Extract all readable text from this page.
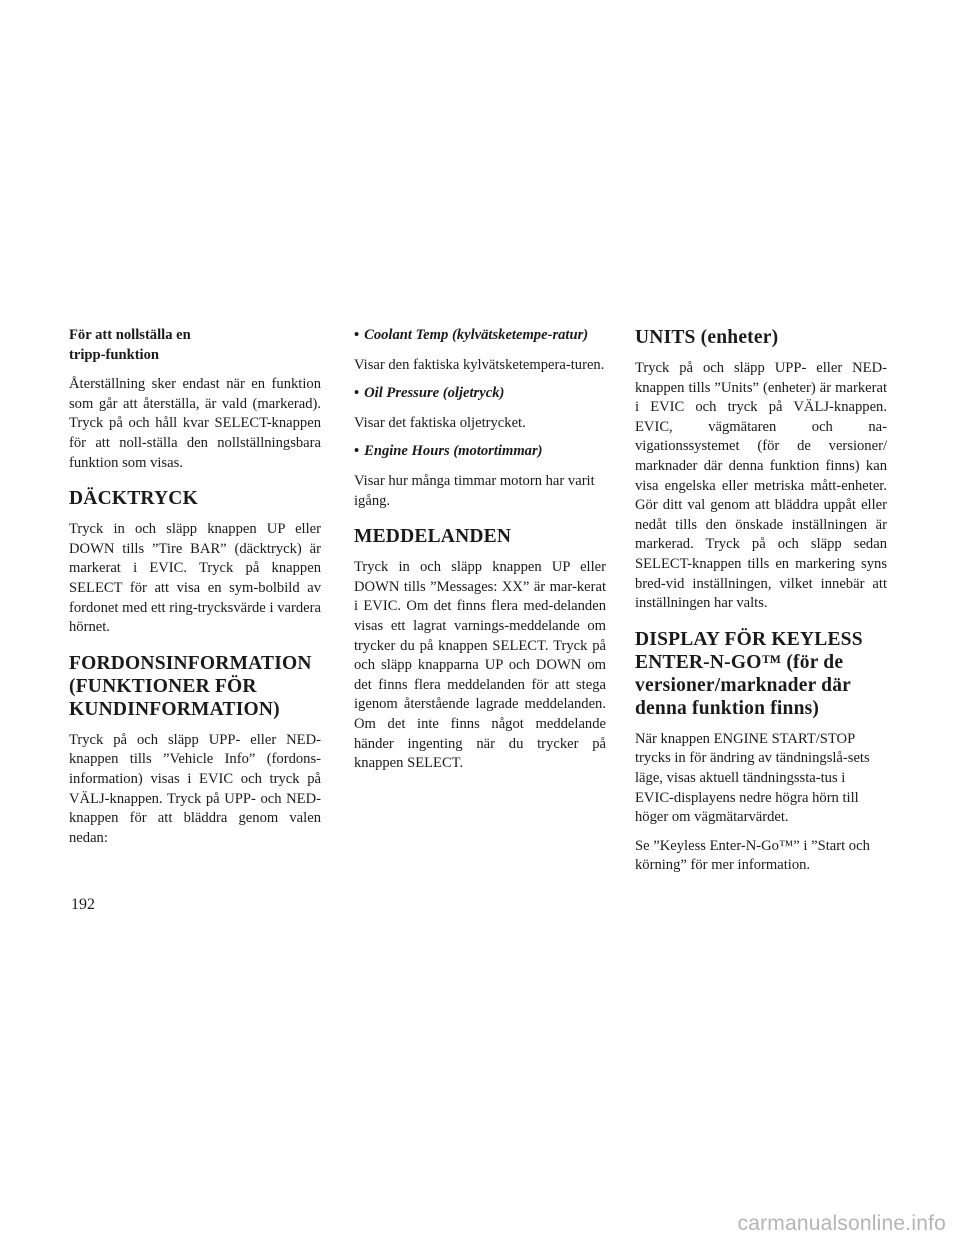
För att nollställa en
tripp-funktion

Återställning sker endast när en funktion som går att återställa, är vald (markerad). Tryck på och håll kvar SELECT-knappen för att noll-ställa den nollställningsbara funktion som visas.

DÄCKTRYCK

Tryck in och släpp knappen UP eller DOWN tills ”Tire BAR” (däcktryck) är markerat i EVIC. Tryck på knappen SELECT för att visa en sym-bolbild av fordonet med ett ring-trycksvärde i vardera hörnet.

FORDONSINFORMATION
(FUNKTIONER FÖR
KUNDINFORMATION)

Tryck på och släpp UPP- eller NED-knappen tills ”Vehicle Info” (fordons-information) visas i EVIC och tryck på VÄLJ-knappen. Tryck på UPP- och NED-knappen för att bläddra genom valen nedan:

• Coolant Temp (kylvätsketempe-ratur)

Visar den faktiska kylvätsketempera-turen.

• Oil Pressure (oljetryck)

Visar det faktiska oljetrycket.

• Engine Hours (motortimmar)

Visar hur många timmar motorn har varit igång.

MEDDELANDEN

Tryck in och släpp knappen UP eller DOWN tills ”Messages: XX” är mar-kerat i EVIC. Om det finns flera med-delanden visas ett lagrat varnings-meddelande om trycker du på knappen SELECT. Tryck på och släpp knapparna UP och DOWN om det finns flera meddelanden för att stega igenom återstående lagrade meddelanden. Om det inte finns något meddelande händer ingenting när du trycker på knappen SELECT.

UNITS (enheter)

Tryck på och släpp UPP- eller NED-knappen tills ”Units” (enheter) är markerat i EVIC och tryck på VÄLJ-knappen. EVIC, vägmätaren och na-vigationssystemet (för de versioner/ marknader där denna funktion finns) kan visa engelska eller metriska mått-enheter. Gör ditt val genom att bläddra uppåt eller nedåt tills den önskade inställningen är markerad. Tryck på och släpp sedan SELECT-knappen tills en markering syns bred-vid inställningen, vilket innebär att inställningen har valts.

DISPLAY FÖR KEYLESS
ENTER-N-GO™ (för de
versioner/marknader där
denna funktion finns)

När knappen ENGINE START/STOP trycks in för ändring av tändningslå-sets läge, visas aktuell tändningssta-tus i EVIC-displayens nedre högra hörn till höger om vägmätarvärdet.

Se ”Keyless Enter-N-Go™” i ”Start och körning” för mer information.

192
carmanualsonline.info
